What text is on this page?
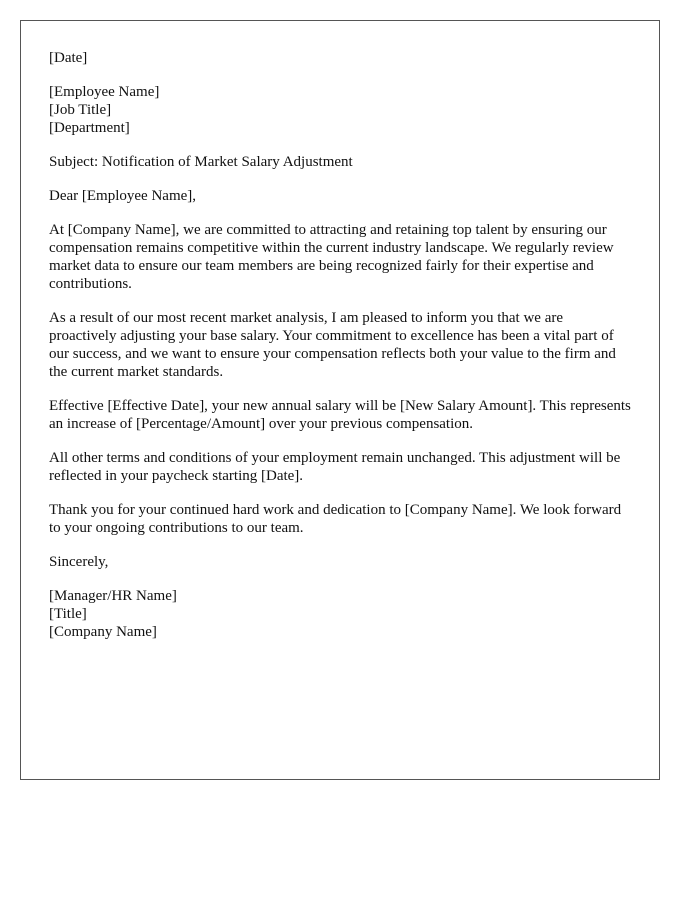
[Date]
[Employee Name]
[Job Title]
[Department]
Subject: Notification of Market Salary Adjustment
Dear [Employee Name],

At [Company Name], we are committed to attracting and retaining top talent by ensuring our compensation remains competitive within the current industry landscape. We regularly review market data to ensure our team members are being recognized fairly for their expertise and contributions.

As a result of our most recent market analysis, I am pleased to inform you that we are proactively adjusting your base salary. Your commitment to excellence has been a vital part of our success, and we want to ensure your compensation reflects both your value to the firm and the current market standards.

Effective [Effective Date], your new annual salary will be [New Salary Amount]. This represents an increase of [Percentage/Amount] over your previous compensation.

All other terms and conditions of your employment remain unchanged. This adjustment will be reflected in your paycheck starting [Date].

Thank you for your continued hard work and dedication to [Company Name]. We look forward to your ongoing contributions to our team.

Sincerely,
[Manager/HR Name]
[Title]
[Company Name]
